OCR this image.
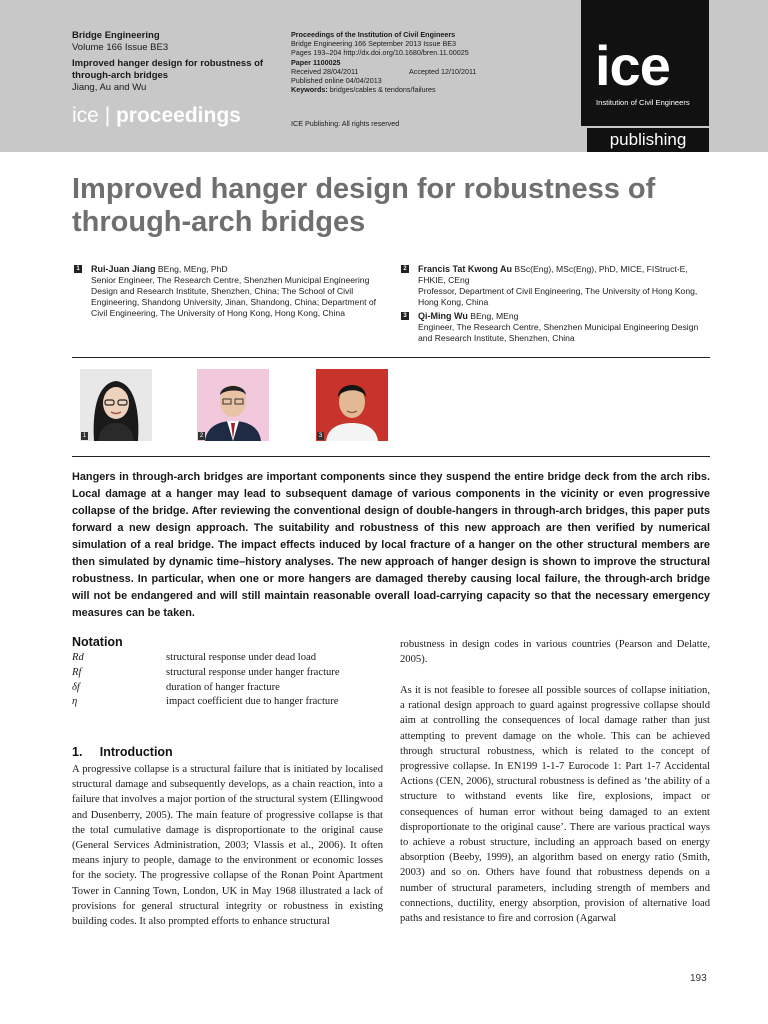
Bridge Engineering
Volume 166 Issue BE3
Improved hanger design for robustness of through-arch bridges
Jiang, Au and Wu
ice | proceedings
Proceedings of the Institution of Civil Engineers
Bridge Engineering 166 September 2013 Issue BE3
Pages 193–204 http://dx.doi.org/10.1680/bren.11.00025
Paper 1100025
Received 28/04/2011	Accepted 12/10/2011
Published online 04/04/2013
Keywords: bridges/cables & tendons/failures
ICE Publishing: All rights reserved
ice
Institution of Civil Engineers
publishing
Improved hanger design for robustness of through-arch bridges
1 Rui-Juan Jiang BEng, MEng, PhD
Senior Engineer, The Research Centre, Shenzhen Municipal Engineering Design and Research Institute, Shenzhen, China; The School of Civil Engineering, Shandong University, Jinan, Shandong, China; Department of Civil Engineering, The University of Hong Kong, Hong Kong, China
2 Francis Tat Kwong Au BSc(Eng), MSc(Eng), PhD, MICE, FIStruct-E, FHKIE, CEng
Professor, Department of Civil Engineering, The University of Hong Kong, Hong Kong, China
3 Qi-Ming Wu BEng, MEng
Engineer, The Research Centre, Shenzhen Municipal Engineering Design and Research Institute, Shenzhen, China
1	2	3
Hangers in through-arch bridges are important components since they suspend the entire bridge deck from the arch ribs. Local damage at a hanger may lead to subsequent damage of various components in the vicinity or even progressive collapse of the bridge. After reviewing the conventional design of double-hangers in through-arch bridges, this paper puts forward a new design approach. The suitability and robustness of this new approach are then verified by numerical simulation of a real bridge. The impact effects induced by local fracture of a hanger on the other structural members are then simulated by dynamic time–history analyses. The new approach of hanger design is shown to improve the structural robustness. In particular, when one or more hangers are damaged thereby causing local failure, the through-arch bridge will not be endangered and will still maintain reasonable overall load-carrying capacity so that the necessary emergency measures can be taken.
Notation
Rd	structural response under dead load
Rf	structural response under hanger fracture
δf	duration of hanger fracture
η	impact coefficient due to hanger fracture
1.     Introduction
A progressive collapse is a structural failure that is initiated by localised structural damage and subsequently develops, as a chain reaction, into a failure that involves a major portion of the structural system (Ellingwood and Dusenberry, 2005). The main feature of progressive collapse is that the total cumulative damage is disproportionate to the original cause (General Services Administration, 2003; Vlassis et al., 2006). It often means injury to people, damage to the environment or economic losses for the society. The progressive collapse of the Ronan Point Apartment Tower in Canning Town, London, UK in May 1968 illustrated a lack of provisions for general structural integrity or robustness in existing building codes. It also prompted efforts to enhance structural
robustness in design codes in various countries (Pearson and Delatte, 2005).
As it is not feasible to foresee all possible sources of collapse initiation, a rational design approach to guard against progressive collapse should aim at controlling the consequences of local damage rather than just attempting to prevent damage on the whole. This can be achieved through structural robustness, which is related to the concept of progressive collapse. In EN199 1-1-7 Eurocode 1: Part 1-7 Accidental Actions (CEN, 2006), structural robustness is defined as ‘the ability of a structure to withstand events like fire, explosions, impact or consequences of human error without being damaged to an extent disproportionate to the original cause’. There are various practical ways to achieve a robust structure, including an approach based on energy absorption (Beeby, 1999), an algorithm based on energy ratio (Smith, 2003) and so on. Others have found that robustness depends on a number of structural parameters, including strength of members and connections, ductility, energy absorption, provision of alternative load paths and resistance to fire and corrosion (Agarwal
193
